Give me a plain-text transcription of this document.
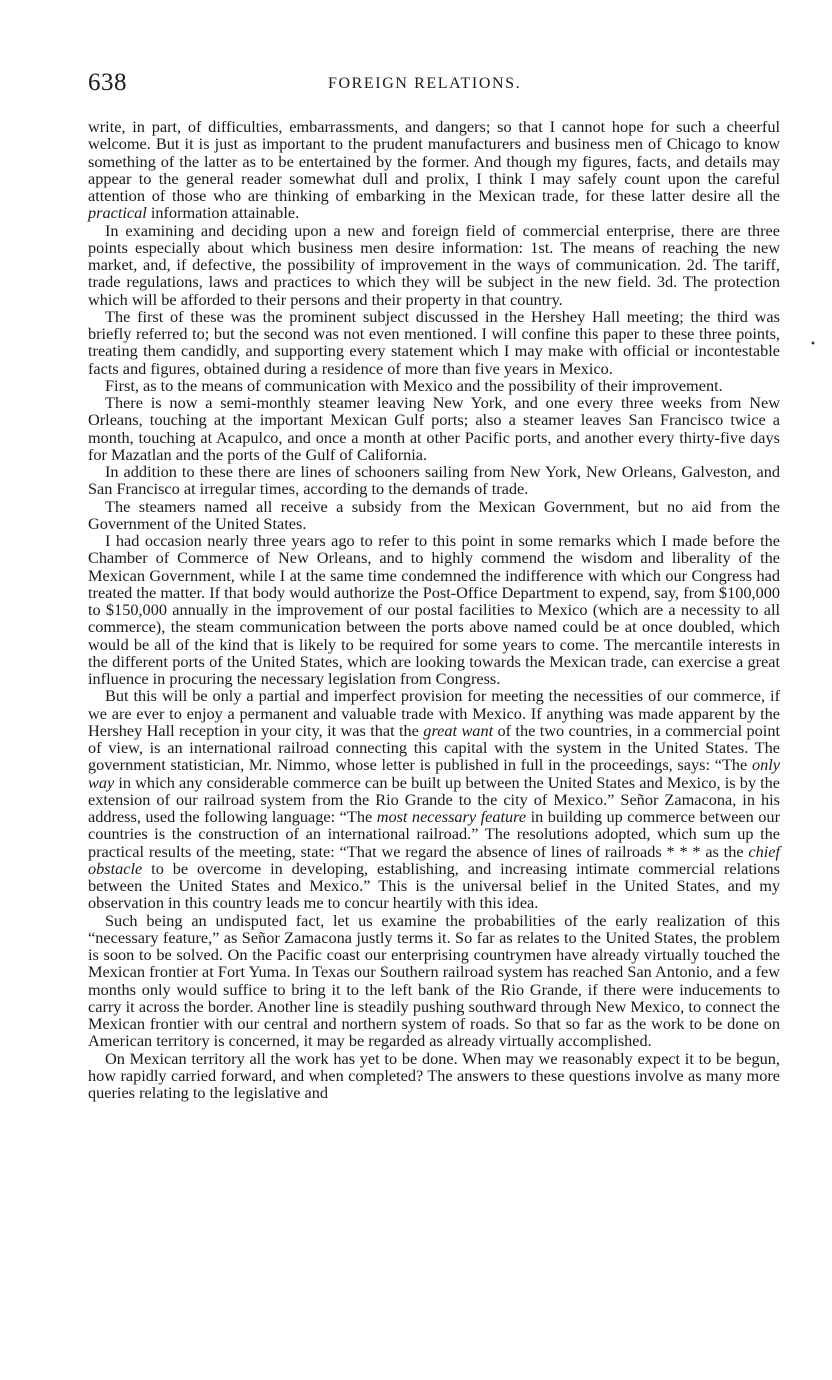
638	FOREIGN RELATIONS.

write, in part, of difficulties, embarrassments, and dangers; so that I cannot hope for such a cheerful welcome. But it is just as important to the prudent manufacturers and business men of Chicago to know something of the latter as to be entertained by the former. And though my figures, facts, and details may appear to the general reader somewhat dull and prolix, I think I may safely count upon the careful attention of those who are thinking of embarking in the Mexican trade, for these latter desire all the practical information attainable.

In examining and deciding upon a new and foreign field of commercial enterprise, there are three points especially about which business men desire information: 1st. The means of reaching the new market, and, if defective, the possibility of improvement in the ways of communication. 2d. The tariff, trade regulations, laws and practices to which they will be subject in the new field. 3d. The protection which will be afforded to their persons and their property in that country.

The first of these was the prominent subject discussed in the Hershey Hall meeting; the third was briefly referred to; but the second was not even mentioned. I will confine this paper to these three points, treating them candidly, and supporting every statement which I may make with official or incontestable facts and figures, obtained during a residence of more than five years in Mexico.

First, as to the means of communication with Mexico and the possibility of their improvement.

There is now a semi-monthly steamer leaving New York, and one every three weeks from New Orleans, touching at the important Mexican Gulf ports; also a steamer leaves San Francisco twice a month, touching at Acapulco, and once a month at other Pacific ports, and another every thirty-five days for Mazatlan and the ports of the Gulf of California.

In addition to these there are lines of schooners sailing from New York, New Orleans, Galveston, and San Francisco at irregular times, according to the demands of trade.

The steamers named all receive a subsidy from the Mexican Government, but no aid from the Government of the United States.

I had occasion nearly three years ago to refer to this point in some remarks which I made before the Chamber of Commerce of New Orleans, and to highly commend the wisdom and liberality of the Mexican Government, while I at the same time condemned the indifference with which our Congress had treated the matter. If that body would authorize the Post-Office Department to expend, say, from $100,000 to $150,000 annually in the improvement of our postal facilities to Mexico (which are a necessity to all commerce), the steam communication between the ports above named could be at once doubled, which would be all of the kind that is likely to be required for some years to come. The mercantile interests in the different ports of the United States, which are looking towards the Mexican trade, can exercise a great influence in procuring the necessary legislation from Congress.

But this will be only a partial and imperfect provision for meeting the necessities of our commerce, if we are ever to enjoy a permanent and valuable trade with Mexico. If anything was made apparent by the Hershey Hall reception in your city, it was that the great want of the two countries, in a commercial point of view, is an international railroad connecting this capital with the system in the United States. The government statistician, Mr. Nimmo, whose letter is published in full in the proceedings, says: “The only way in which any considerable commerce can be built up between the United States and Mexico, is by the extension of our railroad system from the Rio Grande to the city of Mexico.” Señor Zamacona, in his address, used the following language: “The most necessary feature in building up commerce between our countries is the construction of an international railroad.” The resolutions adopted, which sum up the practical results of the meeting, state: “That we regard the absence of lines of railroads * * * as the chief obstacle to be overcome in developing, establishing, and increasing intimate commercial relations between the United States and Mexico.” This is the universal belief in the United States, and my observation in this country leads me to concur heartily with this idea.

Such being an undisputed fact, let us examine the probabilities of the early realization of this “necessary feature,” as Señor Zamacona justly terms it. So far as relates to the United States, the problem is soon to be solved. On the Pacific coast our enterprising countrymen have already virtually touched the Mexican frontier at Fort Yuma. In Texas our Southern railroad system has reached San Antonio, and a few months only would suffice to bring it to the left bank of the Rio Grande, if there were inducements to carry it across the border. Another line is steadily pushing southward through New Mexico, to connect the Mexican frontier with our central and northern system of roads. So that so far as the work to be done on American territory is concerned, it may be regarded as already virtually accomplished.

On Mexican territory all the work has yet to be done. When may we reasonably expect it to be begun, how rapidly carried forward, and when completed? The answers to these questions involve as many more queries relating to the legislative and

•
